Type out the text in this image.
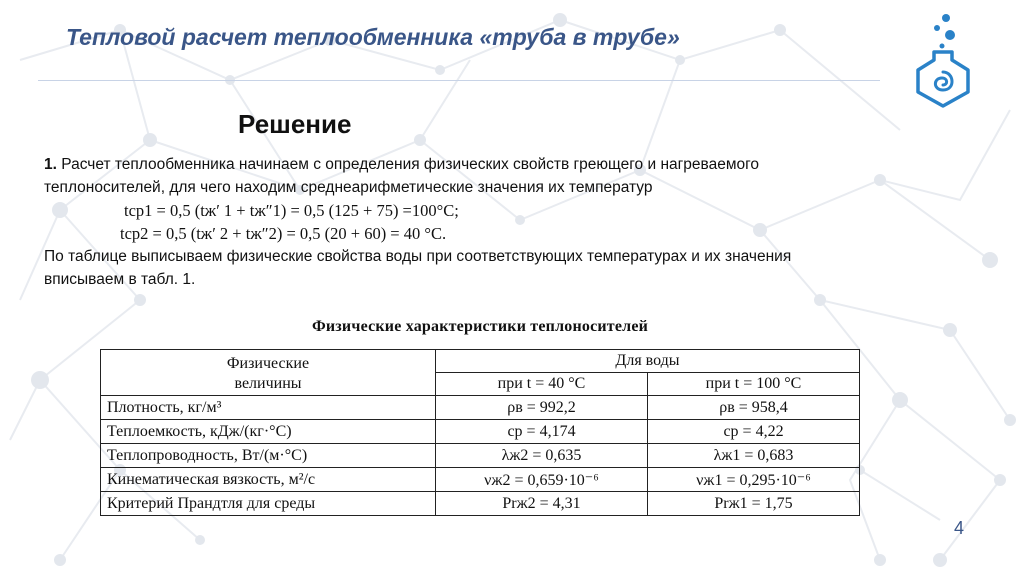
Тепловой расчет теплообменника «труба в трубе»
Решение
1. Расчет теплообменника начинаем с определения физических свойств греющего и нагреваемого
теплоносителей, для чего находим среднеарифметические значения их температур
tср1 = 0,5 (tж′ 1 + tж″1) = 0,5 (125 + 75) =100°С;
tср2 = 0,5 (tж′ 2 + tж″2) = 0,5 (20 + 60) = 40 °С.
По таблице выписываем физические свойства воды при соответствующих температурах и их значения
вписываем в табл. 1.
Физические характеристики теплоносителей
Физические
величины	Для воды	
	при t = 40 °С	при t = 100 °С
Плотность, кг/м³	ρв = 992,2	ρв = 958,4
Теплоемкость, кДж/(кг·°С)	cр = 4,174	cр = 4,22
Теплопроводность, Вт/(м·°С)	λж2 = 0,635	λж1 = 0,683
Кинематическая вязкость, м²/с	νж2 = 0,659·10⁻⁶	νж1 = 0,295·10⁻⁶
Критерий Прандтля для среды	Prж2 = 4,31	Prж1 = 1,75
4
